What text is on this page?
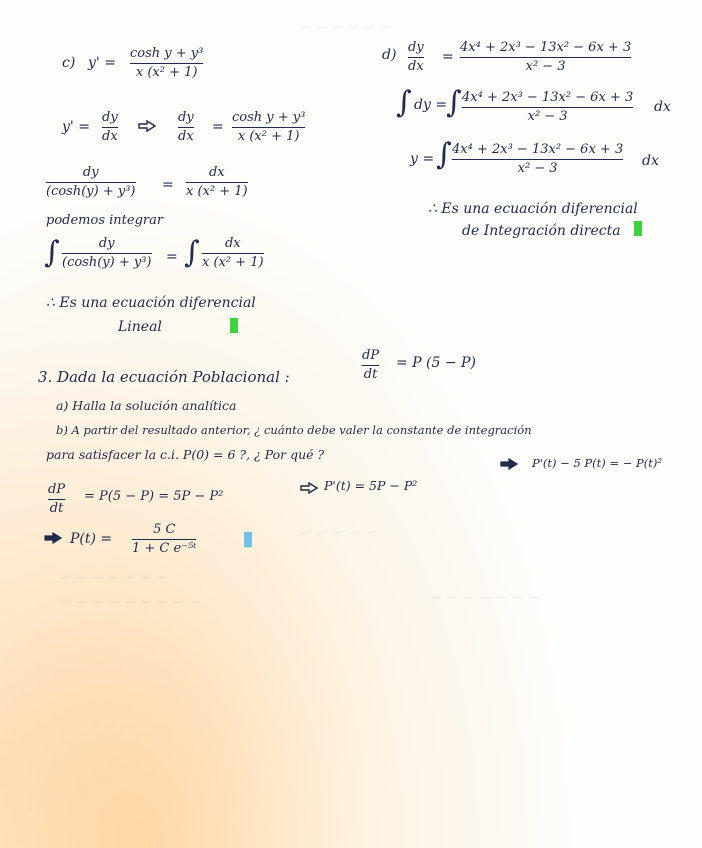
~ ~ ~ ~ ~ ~
~ ~ ~ ~ ~
~ ~ ~ ~ ~ ~ ~
~ ~ ~ ~ ~ ~ ~ ~ ~	~ ~ ~ ~ ~ ~ ~
c) y' =
cosh y + y³
x (x² + 1)
y' =
dy
dx
dy
dx
=
cosh y + y³
x (x² + 1)
dy
(cosh(y) + y³) =
dx
x (x² + 1)
podemos integrar
∫	dy
(cosh(y) + y³) = ∫ dx
x (x² + 1)
∴ Es una ecuación diferencial
Lineal
d) dy
dx
=
4x⁴ + 2x³ − 13x² − 6x + 3
x² − 3
∫ dy =
∫ 4x⁴ + 2x³ − 13x² − 6x + 3
x² − 3
dx
y = ∫ 4x⁴ + 2x³ − 13x² − 6x + 3
x² − 3	dx
∴ Es una ecuación diferencial
de Integración directa
3. Dada la ecuación Poblacional :
dP
dt
= P (5 − P)
a) Halla la solución analítica
b) A partir del resultado anterior, ¿ cuánto debe valer la constante de integración
para satisfacer la c.i. P(0) = 6 ?, ¿ Por qué ?
dP
dt
= P(5 − P) = 5P − P²
P'(t) = 5P − P²
P'(t) − 5 P(t) = − P(t)²
P(t) =
5 C
1 + C e⁻⁵ᵗ
